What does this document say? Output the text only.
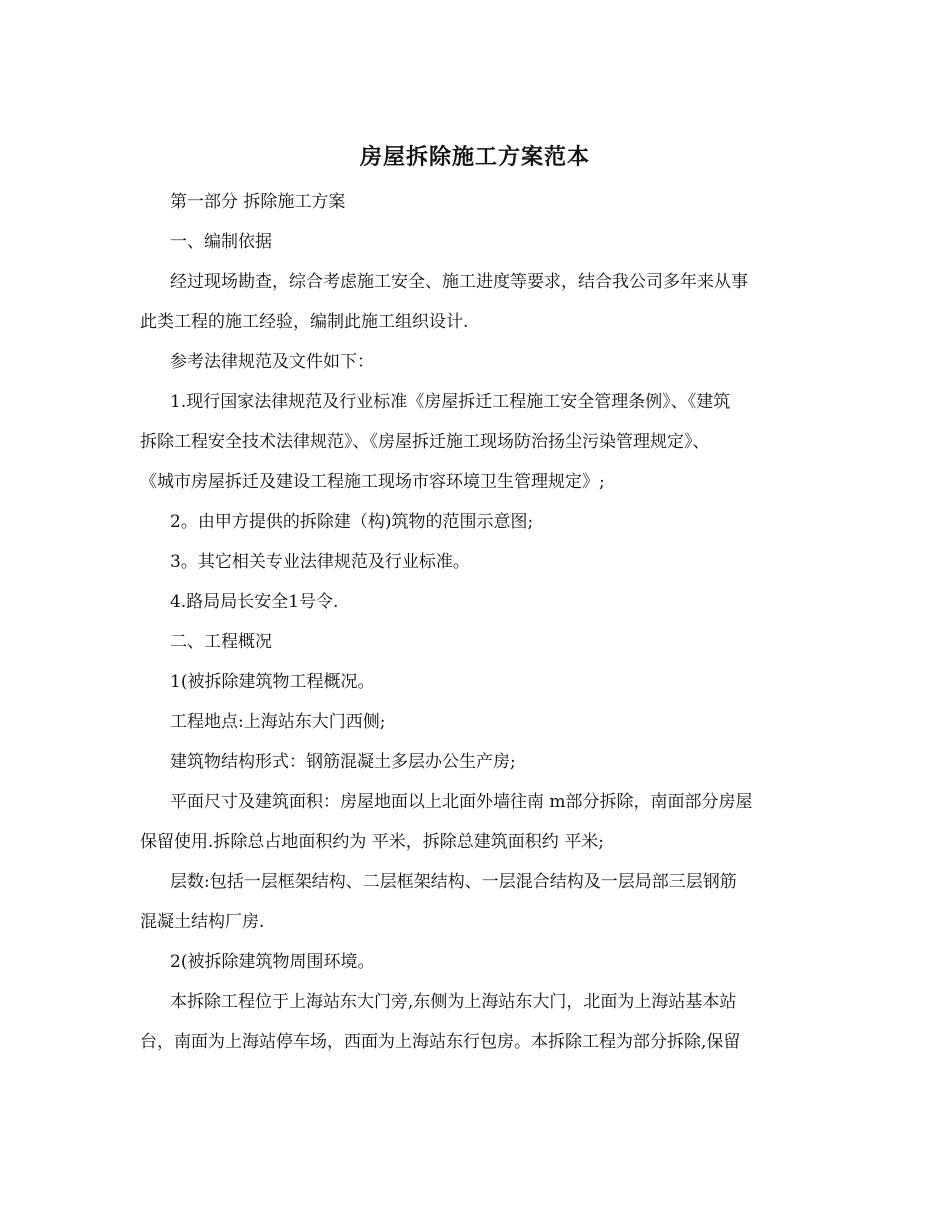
房屋拆除施工方案范本
第一部分 拆除施工方案
一、编制依据
经过现场勘查，综合考虑施工安全、施工进度等要求，结合我公司多年来从事
此类工程的施工经验，编制此施工组织设计.
参考法律规范及文件如下：
1.现行国家法律规范及行业标准《房屋拆迁工程施工安全管理条例》、《建筑
拆除工程安全技术法律规范》、《房屋拆迁施工现场防治扬尘污染管理规定》、
《城市房屋拆迁及建设工程施工现场市容环境卫生管理规定》;
2。由甲方提供的拆除建（构)筑物的范围示意图;
3。其它相关专业法律规范及行业标准。
4.路局局长安全1号令.
二、工程概况
1(被拆除建筑物工程概况。
工程地点:上海站东大门西侧;
建筑物结构形式：钢筋混凝土多层办公生产房;
平面尺寸及建筑面积：房屋地面以上北面外墙往南 m部分拆除，南面部分房屋
保留使用.拆除总占地面积约为 平米，拆除总建筑面积约 平米;
层数:包括一层框架结构、二层框架结构、一层混合结构及一层局部三层钢筋
混凝土结构厂房.
2(被拆除建筑物周围环境。
本拆除工程位于上海站东大门旁,东侧为上海站东大门，北面为上海站基本站
台，南面为上海站停车场，西面为上海站东行包房。本拆除工程为部分拆除,保留
